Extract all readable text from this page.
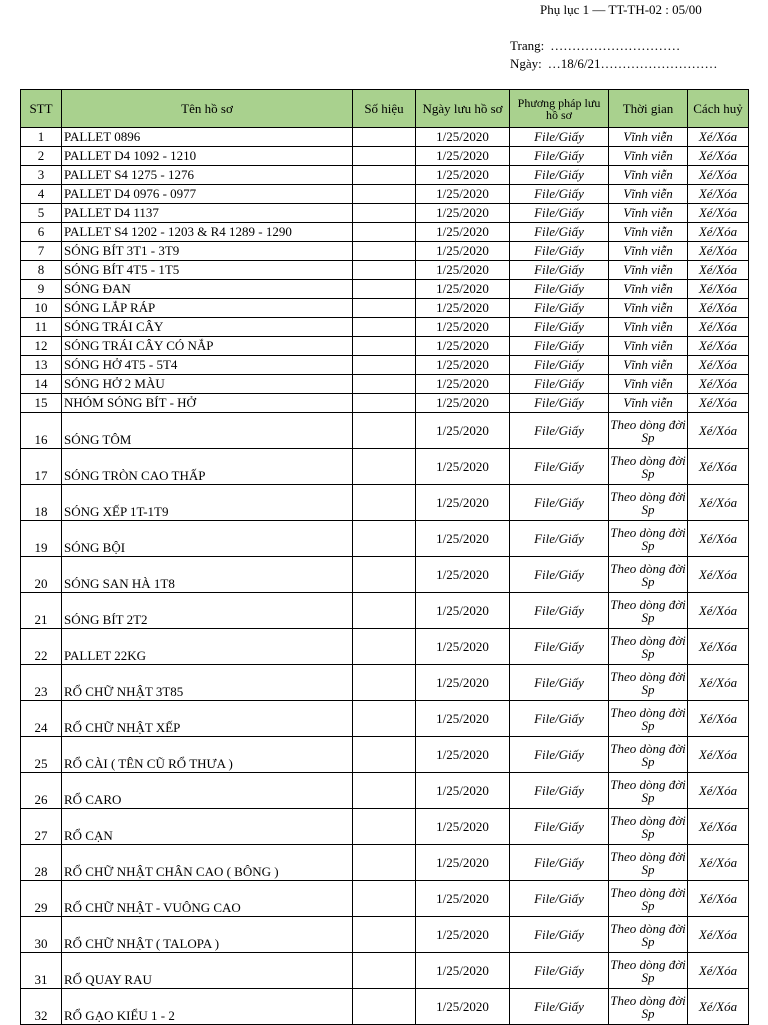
Phụ lục 1 — TT-TH-02 : 05/00
Trang: …………………………
Ngày: …18/6/21………………………
STT	Tên hồ sơ	Số hiệu	Ngày lưu hồ sơ	Phương pháp lưu hồ sơ	Thời gian	Cách huỷ
1	PALLET 0896		1/25/2020	File/Giấy	Vĩnh viễn	Xé/Xóa
2	PALLET D4 1092 - 1210		1/25/2020	File/Giấy	Vĩnh viễn	Xé/Xóa
3	PALLET S4 1275 - 1276		1/25/2020	File/Giấy	Vĩnh viễn	Xé/Xóa
4	PALLET D4 0976 - 0977		1/25/2020	File/Giấy	Vĩnh viễn	Xé/Xóa
5	PALLET D4 1137		1/25/2020	File/Giấy	Vĩnh viễn	Xé/Xóa
6	PALLET S4 1202 - 1203 & R4 1289 - 1290		1/25/2020	File/Giấy	Vĩnh viễn	Xé/Xóa
7	SÓNG BÍT 3T1 - 3T9		1/25/2020	File/Giấy	Vĩnh viễn	Xé/Xóa
8	SÓNG BÍT 4T5 - 1T5		1/25/2020	File/Giấy	Vĩnh viễn	Xé/Xóa
9	SÓNG ĐAN		1/25/2020	File/Giấy	Vĩnh viễn	Xé/Xóa
10	SÓNG LẮP RÁP		1/25/2020	File/Giấy	Vĩnh viễn	Xé/Xóa
11	SÓNG TRÁI CÂY		1/25/2020	File/Giấy	Vĩnh viễn	Xé/Xóa
12	SÓNG TRÁI CÂY CÓ NẮP		1/25/2020	File/Giấy	Vĩnh viễn	Xé/Xóa
13	SÓNG HỞ 4T5 - 5T4		1/25/2020	File/Giấy	Vĩnh viễn	Xé/Xóa
14	SÓNG HỞ 2 MÀU		1/25/2020	File/Giấy	Vĩnh viễn	Xé/Xóa
15	NHÓM SÓNG BÍT - HỞ		1/25/2020	File/Giấy	Vĩnh viễn	Xé/Xóa
16	SÓNG TÔM		1/25/2020	File/Giấy	Theo dòng đời Sp	Xé/Xóa
17	SÓNG TRÒN CAO THẤP		1/25/2020	File/Giấy	Theo dòng đời Sp	Xé/Xóa
18	SÓNG XẾP 1T-1T9		1/25/2020	File/Giấy	Theo dòng đời Sp	Xé/Xóa
19	SÓNG BỘI		1/25/2020	File/Giấy	Theo dòng đời Sp	Xé/Xóa
20	SÓNG SAN HÀ 1T8		1/25/2020	File/Giấy	Theo dòng đời Sp	Xé/Xóa
21	SÓNG BÍT 2T2		1/25/2020	File/Giấy	Theo dòng đời Sp	Xé/Xóa
22	PALLET 22KG		1/25/2020	File/Giấy	Theo dòng đời Sp	Xé/Xóa
23	RỔ CHỮ NHẬT 3T85		1/25/2020	File/Giấy	Theo dòng đời Sp	Xé/Xóa
24	RỔ CHỮ NHẬT XẾP		1/25/2020	File/Giấy	Theo dòng đời Sp	Xé/Xóa
25	RỔ CÀI ( TÊN CŨ RỔ THƯA )		1/25/2020	File/Giấy	Theo dòng đời Sp	Xé/Xóa
26	RỔ CARO		1/25/2020	File/Giấy	Theo dòng đời Sp	Xé/Xóa
27	RỔ CẠN		1/25/2020	File/Giấy	Theo dòng đời Sp	Xé/Xóa
28	RỔ CHỮ NHẬT CHÂN CAO ( BÔNG )		1/25/2020	File/Giấy	Theo dòng đời Sp	Xé/Xóa
29	RỔ CHỮ NHẬT - VUÔNG CAO		1/25/2020	File/Giấy	Theo dòng đời Sp	Xé/Xóa
30	RỔ CHỮ NHẬT ( TALOPA )		1/25/2020	File/Giấy	Theo dòng đời Sp	Xé/Xóa
31	RỔ QUAY RAU		1/25/2020	File/Giấy	Theo dòng đời Sp	Xé/Xóa
32	RỔ GẠO KIỂU 1 - 2		1/25/2020	File/Giấy	Theo dòng đời Sp	Xé/Xóa
